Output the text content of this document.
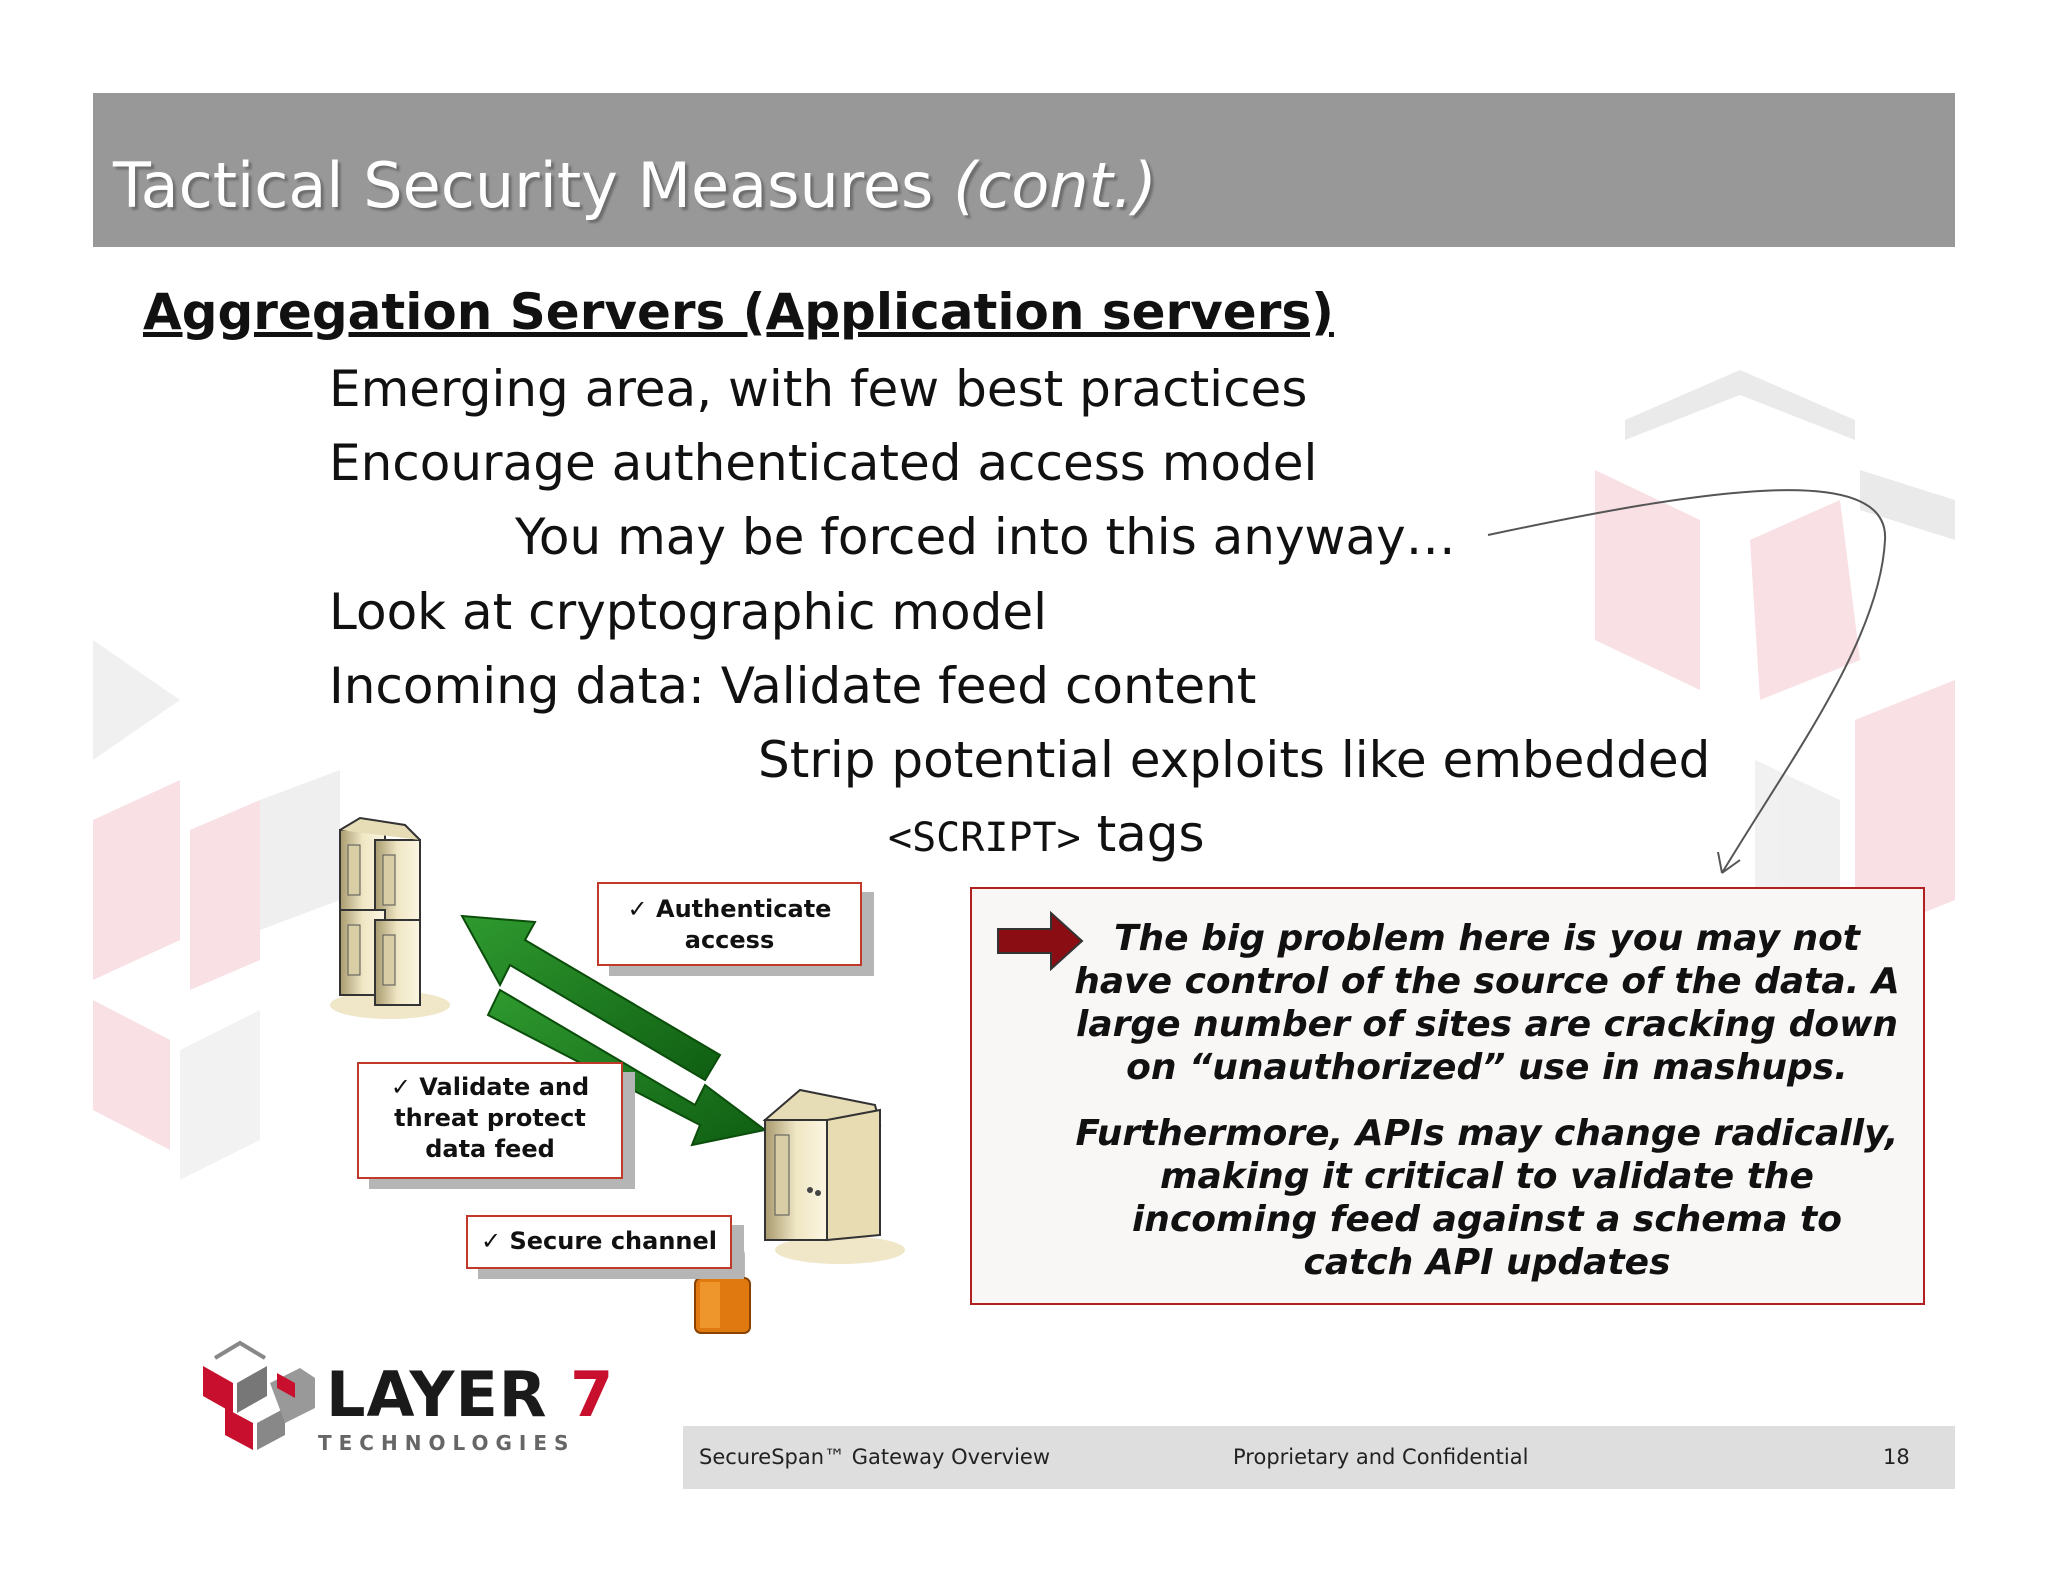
Tactical Security Measures (cont.)
Aggregation Servers (Application servers)

Emerging area, with few best practices

Encourage authenticated access model

You may be forced into this anyway…

Look at cryptographic model

Incoming data: Validate feed content

Strip potential exploits like embedded

<SCRIPT> tags

✓ Authenticate
access
✓ Validate and
threat protect
data feed
✓ Secure channel

The big problem here is you may not have control of the source of the data. A large number of sites are cracking down on “unauthorized” use in mashups.

Furthermore, APIs may change radically, making it critical to validate the incoming feed against a schema to catch API updates

LAYER 7
TECHNOLOGIES
SecureSpan™ Gateway Overview	Proprietary and Confidential	18
